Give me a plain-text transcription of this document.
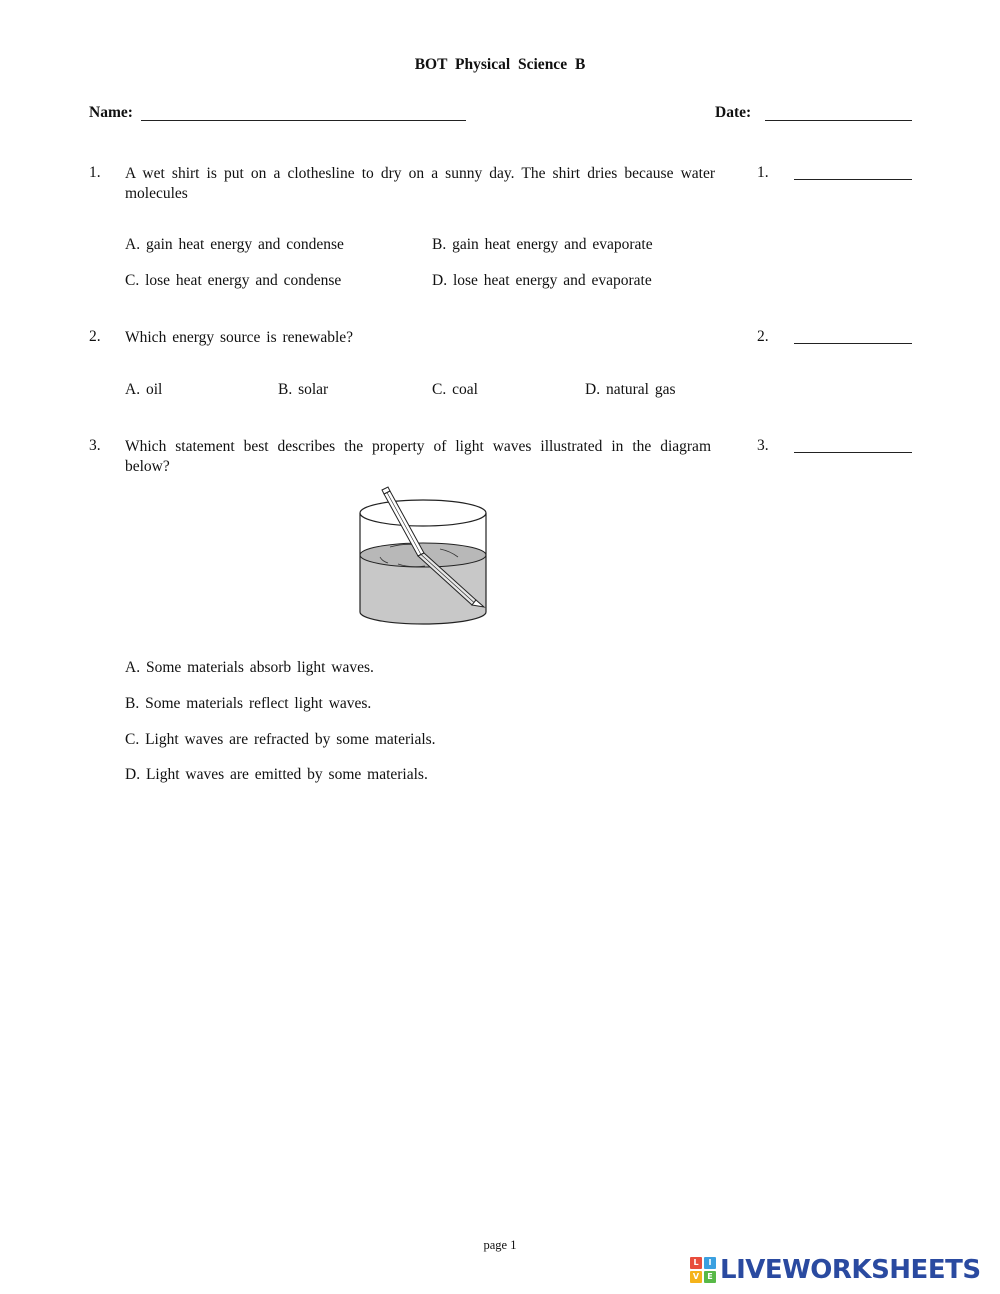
BOT Physical Science B
Name:	Date:
1. A wet shirt is put on a clothesline to dry on a sunny day. The shirt dries because water molecules
1.
A. gain heat energy and condense	B. gain heat energy and evaporate
C. lose heat energy and condense	D. lose heat energy and evaporate
2. Which energy source is renewable?	2.
A. oil	B. solar	C. coal	D. natural gas
3. Which statement best describes the property of light waves illustrated in the diagram below?
3.
A. Some materials absorb light waves.
B. Some materials reflect light waves.
C. Light waves are refracted by some materials.
D. Light waves are emitted by some materials.
page 1
L	I
V	E LIVEWORKSHEETS
